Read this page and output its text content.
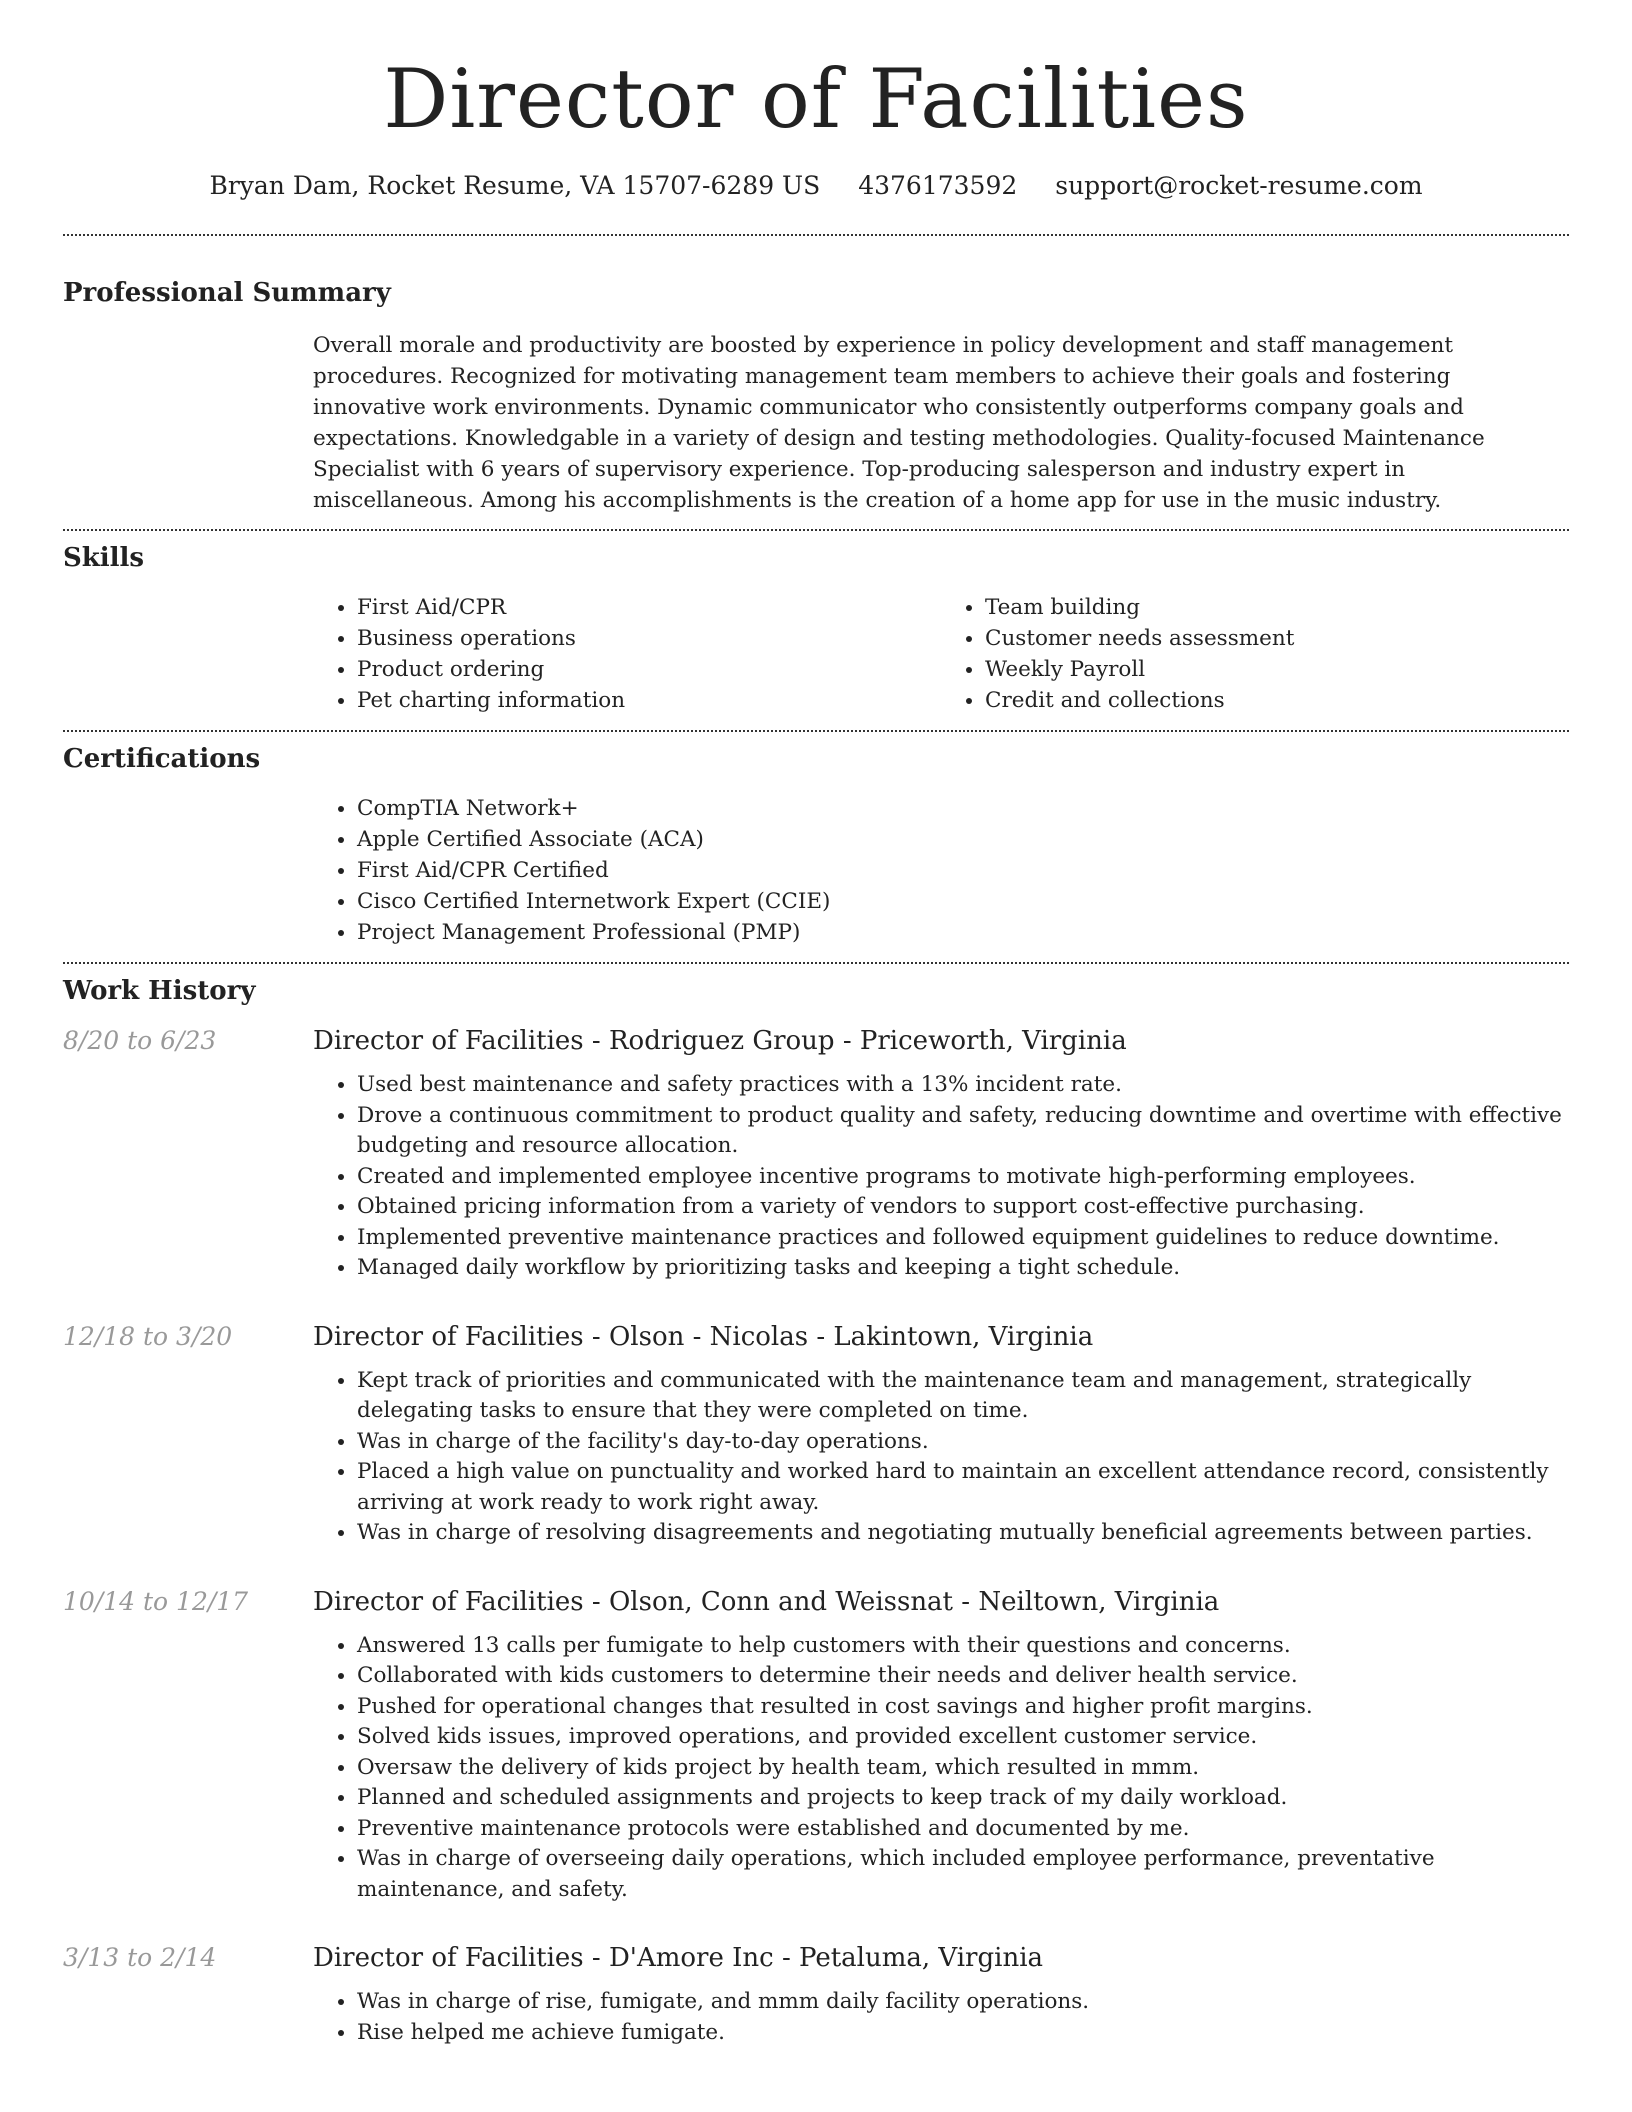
Director of Facilities
Bryan Dam, Rocket Resume, VA 15707-6289 US 4376173592 support@rocket-resume.com
Professional Summary
Overall morale and productivity are boosted by experience in policy development and staff management procedures. Recognized for motivating management team members to achieve their goals and fostering innovative work environments. Dynamic communicator who consistently outperforms company goals and expectations. Knowledgable in a variety of design and testing methodologies. Quality-focused Maintenance Specialist with 6 years of supervisory experience. Top-producing salesperson and industry expert in miscellaneous. Among his accomplishments is the creation of a home app for use in the music industry.
Skills
• First Aid/CPR
• Business operations
• Product ordering
• Pet charting information
• Team building
• Customer needs assessment
• Weekly Payroll
• Credit and collections
Certifications
• CompTIA Network+
• Apple Certified Associate (ACA)
• First Aid/CPR Certified
• Cisco Certified Internetwork Expert (CCIE)
• Project Management Professional (PMP)
Work History
8/20 to 6/23	Director of Facilities - Rodriguez Group - Priceworth, Virginia
• Used best maintenance and safety practices with a 13% incident rate.
• Drove a continuous commitment to product quality and safety, reducing downtime and overtime with effective budgeting and resource allocation.
• Created and implemented employee incentive programs to motivate high-performing employees.
• Obtained pricing information from a variety of vendors to support cost-effective purchasing.
• Implemented preventive maintenance practices and followed equipment guidelines to reduce downtime.
• Managed daily workflow by prioritizing tasks and keeping a tight schedule.
12/18 to 3/20	Director of Facilities - Olson - Nicolas - Lakintown, Virginia
• Kept track of priorities and communicated with the maintenance team and management, strategically delegating tasks to ensure that they were completed on time.
• Was in charge of the facility's day-to-day operations.
• Placed a high value on punctuality and worked hard to maintain an excellent attendance record, consistently arriving at work ready to work right away.
• Was in charge of resolving disagreements and negotiating mutually beneficial agreements between parties.
10/14 to 12/17	Director of Facilities - Olson, Conn and Weissnat - Neiltown, Virginia
• Answered 13 calls per fumigate to help customers with their questions and concerns.
• Collaborated with kids customers to determine their needs and deliver health service.
• Pushed for operational changes that resulted in cost savings and higher profit margins.
• Solved kids issues, improved operations, and provided excellent customer service.
• Oversaw the delivery of kids project by health team, which resulted in mmm.
• Planned and scheduled assignments and projects to keep track of my daily workload.
• Preventive maintenance protocols were established and documented by me.
• Was in charge of overseeing daily operations, which included employee performance, preventative maintenance, and safety.
3/13 to 2/14	Director of Facilities - D'Amore Inc - Petaluma, Virginia
• Was in charge of rise, fumigate, and mmm daily facility operations.
• Rise helped me achieve fumigate.
